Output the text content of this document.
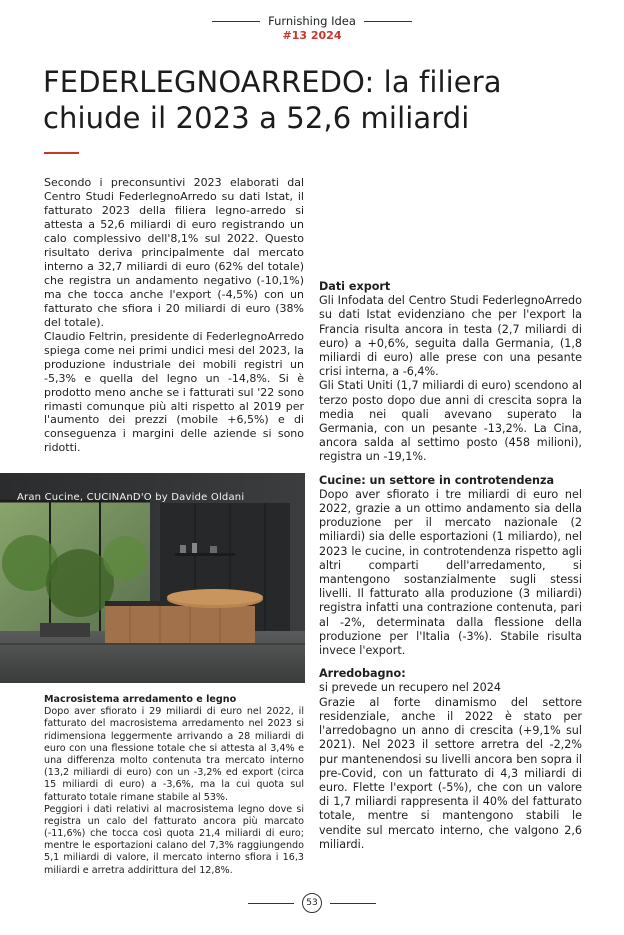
Furnishing Idea
#13 2024
FEDERLEGNOARREDO: la filiera chiude il 2023 a 52,6 miliardi

Secondo i preconsuntivi 2023 elaborati dal Centro Studi FederlegnoArredo su dati Istat, il fatturato 2023 della filiera legno-arredo si attesta a 52,6 miliardi di euro registrando un calo complessivo dell'8,1% sul 2022. Questo risultato deriva principalmente dal mercato interno a 32,7 miliardi di euro (62% del totale) che registra un andamento negativo (-10,1%) ma che tocca anche l'export (-4,5%) con un fatturato che sfiora i 20 miliardi di euro (38% del totale).

Claudio Feltrin, presidente di FederlegnoArredo spiega come nei primi undici mesi del 2023, la produzione industriale dei mobili registri un -5,3% e quella del legno un -14,8%. Si è prodotto meno anche se i fatturati sul '22 sono rimasti comunque più alti rispetto al 2019 per l'aumento dei prezzi (mobile +6,5%) e di conseguenza i margini delle aziende si sono ridotti.

Aran Cucine, CUCINAnD'O by Davide Oldani
Macrosistema arredamento e legno

Dopo aver sfiorato i 29 miliardi di euro nel 2022, il fatturato del macrosistema arredamento nel 2023 si ridimensiona leggermente arrivando a 28 miliardi di euro con una flessione totale che si attesta al 3,4% e una differenza molto contenuta tra mercato interno (13,2 miliardi di euro) con un -3,2% ed export (circa 15 miliardi di euro) a -3,6%, ma la cui quota sul fatturato totale rimane stabile al 53%.

Peggiori i dati relativi al macrosistema legno dove si registra un calo del fatturato ancora più marcato (-11,6%) che tocca così quota 21,4 miliardi di euro; mentre le esportazioni calano del 7,3% raggiungendo 5,1 miliardi di valore, il mercato interno sfiora i 16,3 miliardi e arretra addirittura del 12,8%.

Dati export

Gli Infodata del Centro Studi FederlegnoArredo su dati Istat evidenziano che per l'export la Francia risulta ancora in testa (2,7 miliardi di euro) a +0,6%, seguita dalla Germania, (1,8 miliardi di euro) alle prese con una pesante crisi interna, a -6,4%.

Gli Stati Uniti (1,7 miliardi di euro) scendono al terzo posto dopo due anni di crescita sopra la media nei quali avevano superato la Germania, con un pesante -13,2%. La Cina, ancora salda al settimo posto (458 milioni), registra un -19,1%.

Cucine: un settore in controtendenza

Dopo aver sfiorato i tre miliardi di euro nel 2022, grazie a un ottimo andamento sia della produzione per il mercato nazionale (2 miliardi) sia delle esportazioni (1 miliardo), nel 2023 le cucine, in controtendenza rispetto agli altri comparti dell'arredamento, si mantengono sostanzialmente sugli stessi livelli. Il fatturato alla produzione (3 miliardi) registra infatti una contrazione contenuta, pari al -2%, determinata dalla flessione della produzione per l'Italia (-3%). Stabile risulta invece l'export.

Arredobagno:

si prevede un recupero nel 2024

Grazie al forte dinamismo del settore residenziale, anche il 2022 è stato per l'arredobagno un anno di crescita (+9,1% sul 2021). Nel 2023 il settore arretra del -2,2% pur mantenendosi su livelli ancora ben sopra il pre-Covid, con un fatturato di 4,3 miliardi di euro. Flette l'export (-5%), che con un valore di 1,7 miliardi rappresenta il 40% del fatturato totale, mentre si mantengono stabili le vendite sul mercato interno, che valgono 2,6 miliardi.

53
